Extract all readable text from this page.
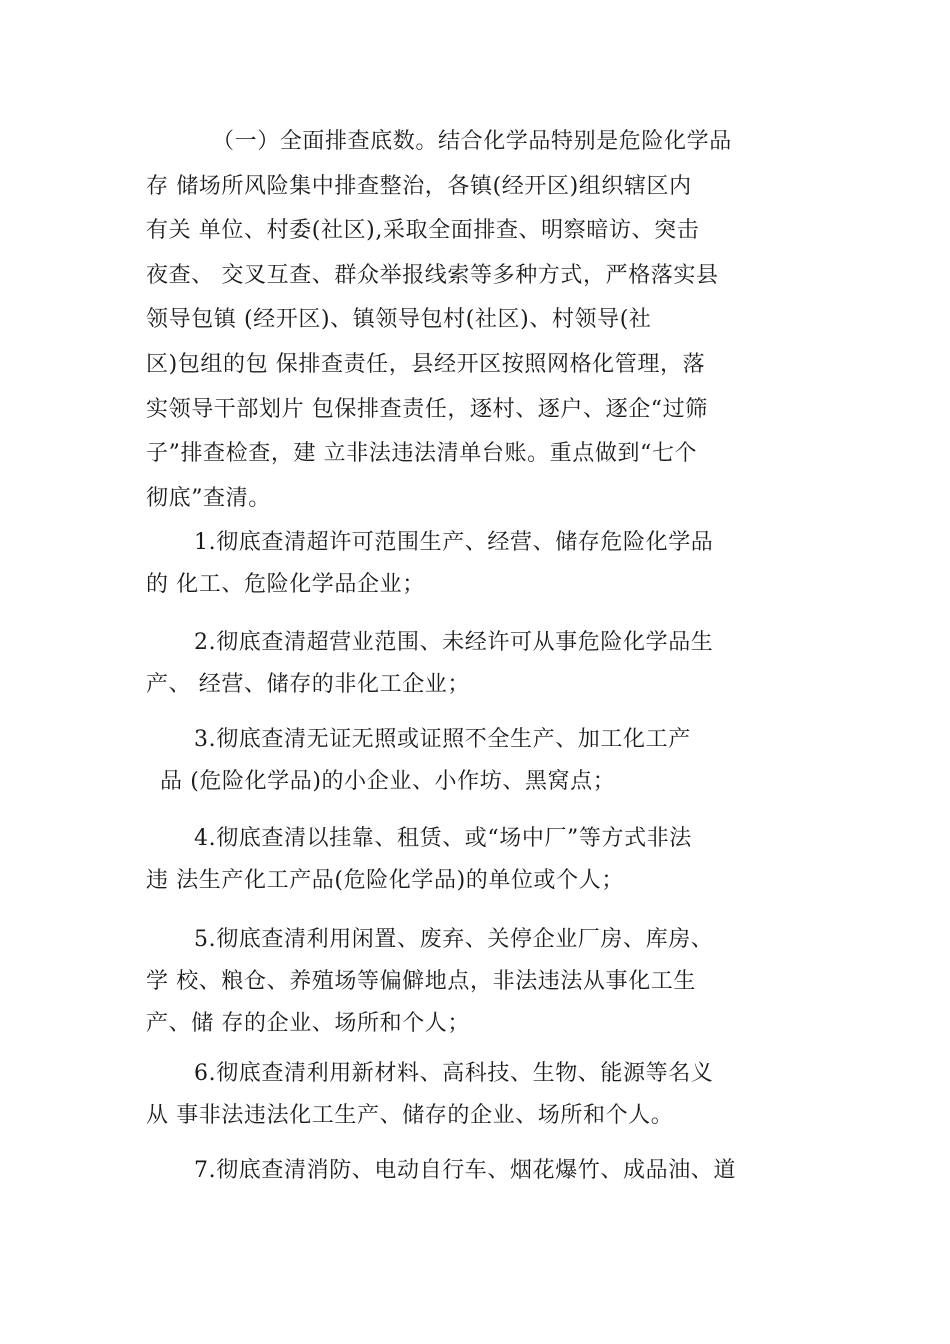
（一）全面排查底数。结合化学品特别是危险化学品
存 储场所风险集中排查整治，各镇(经开区)组织辖区内
有关 单位、村委(社区),采取全面排查、明察暗访、突击
夜查、 交叉互查、群众举报线索等多种方式，严格落实县
领导包镇 (经开区)、镇领导包村(社区)、村领导(社
区)包组的包 保排查责任，县经开区按照网格化管理，落
实领导干部划片 包保排查责任，逐村、逐户、逐企“过筛
子”排查检查，建 立非法违法清单台账。重点做到“七个
彻底”查清。

1.彻底查清超许可范围生产、经营、储存危险化学品
的 化工、危险化学品企业；

2.彻底查清超营业范围、未经许可从事危险化学品生
产、 经营、储存的非化工企业；

3.彻底查清无证无照或证照不全生产、加工化工产
品 (危险化学品)的小企业、小作坊、黑窝点；

4.彻底查清以挂靠、租赁、或“场中厂”等方式非法
违 法生产化工产品(危险化学品)的单位或个人；

5.彻底查清利用闲置、废弃、关停企业厂房、库房、
学 校、粮仓、养殖场等偏僻地点，非法违法从事化工生
产、储 存的企业、场所和个人；

6.彻底查清利用新材料、高科技、生物、能源等名义
从 事非法违法化工生产、储存的企业、场所和个人。

7.彻底查清消防、电动自行车、烟花爆竹、成品油、道
